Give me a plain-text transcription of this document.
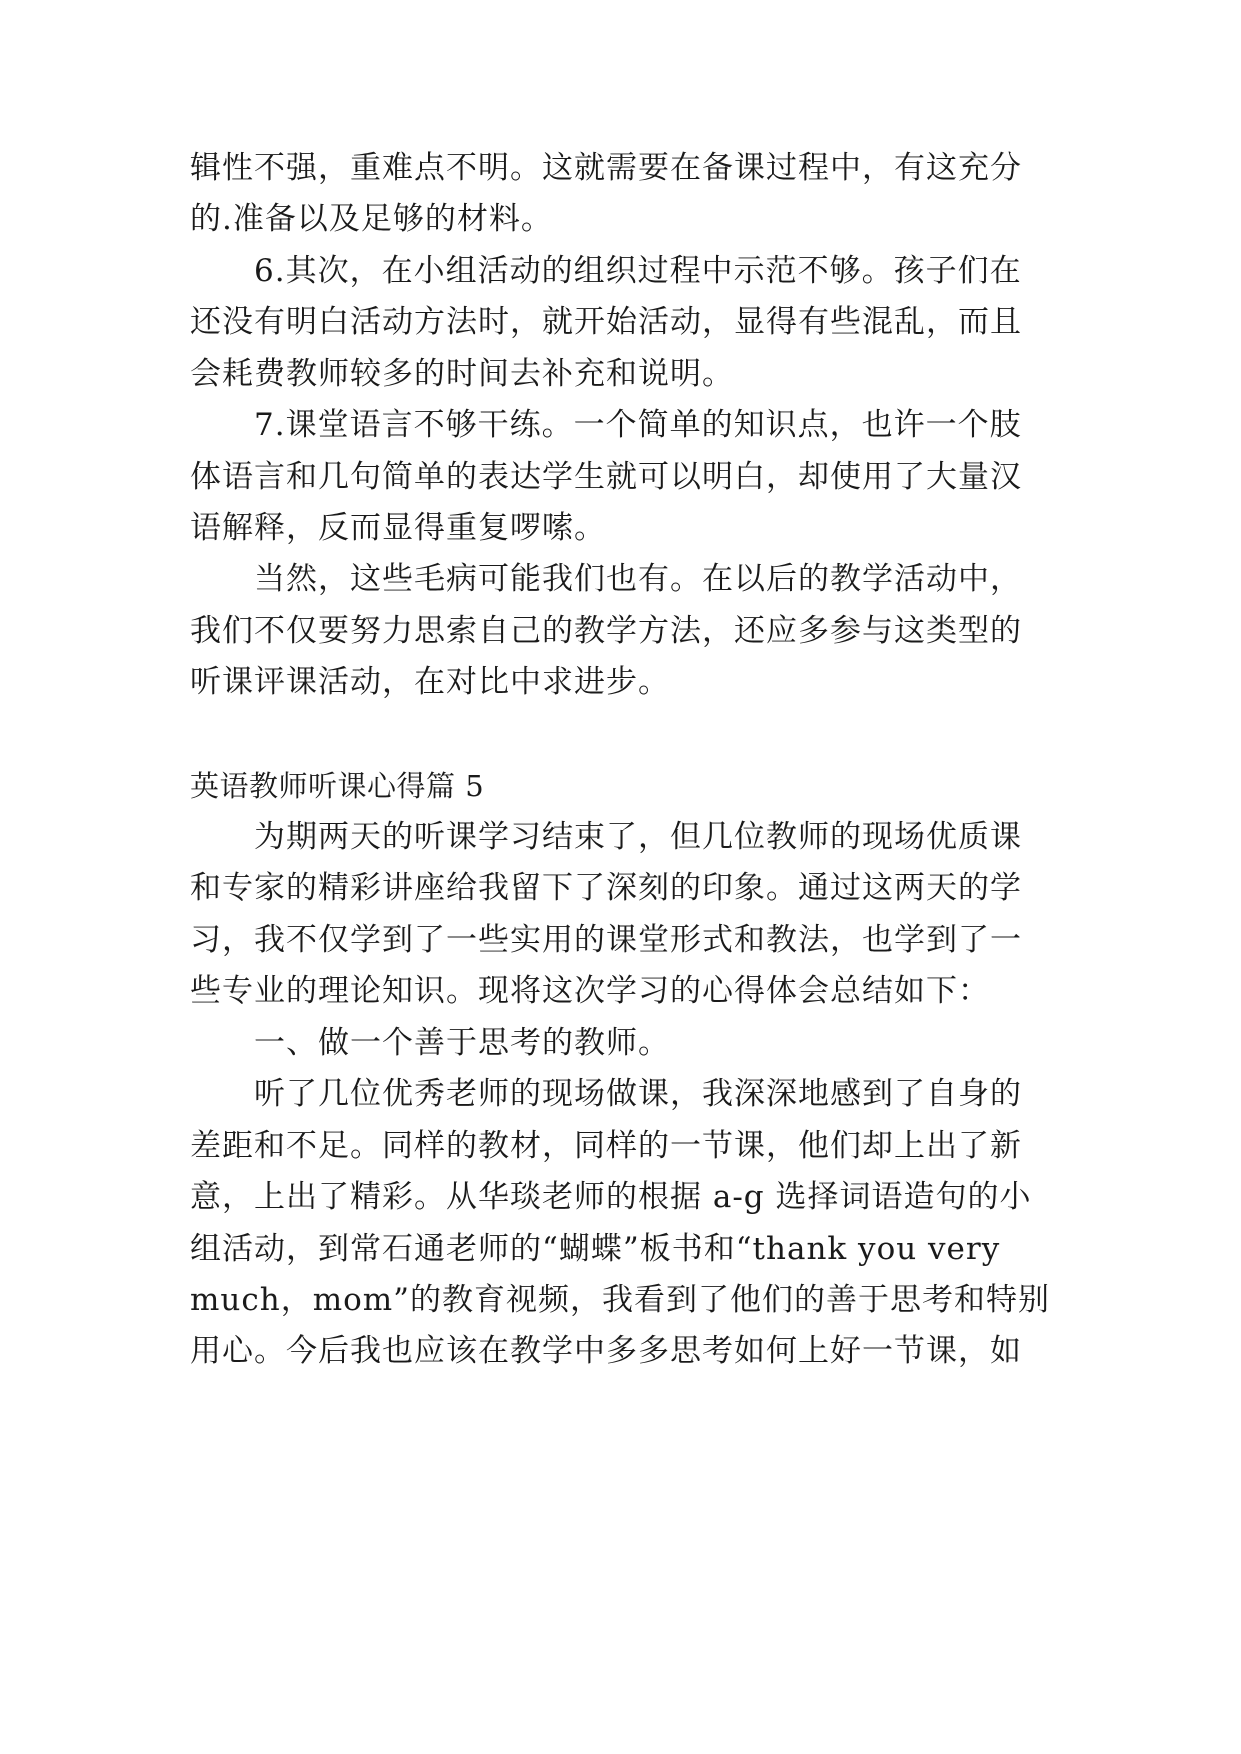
辑性不强，重难点不明。这就需要在备课过程中，有这充分
的.准备以及足够的材料。
6.其次，在小组活动的组织过程中示范不够。孩子们在
还没有明白活动方法时，就开始活动，显得有些混乱，而且
会耗费教师较多的时间去补充和说明。
7.课堂语言不够干练。一个简单的知识点，也许一个肢
体语言和几句简单的表达学生就可以明白，却使用了大量汉
语解释，反而显得重复啰嗦。
当然，这些毛病可能我们也有。在以后的教学活动中，
我们不仅要努力思索自己的教学方法，还应多参与这类型的
听课评课活动，在对比中求进步。
英语教师听课心得篇 5
为期两天的听课学习结束了，但几位教师的现场优质课
和专家的精彩讲座给我留下了深刻的印象。通过这两天的学
习，我不仅学到了一些实用的课堂形式和教法，也学到了一
些专业的理论知识。现将这次学习的心得体会总结如下：
一、做一个善于思考的教师。
听了几位优秀老师的现场做课，我深深地感到了自身的
差距和不足。同样的教材，同样的一节课，他们却上出了新
意，上出了精彩。从华琰老师的根据 a-g 选择词语造句的小
组活动，到常石通老师的“蝴蝶”板书和“thank you very
much，mom”的教育视频，我看到了他们的善于思考和特别
用心。今后我也应该在教学中多多思考如何上好一节课，如
